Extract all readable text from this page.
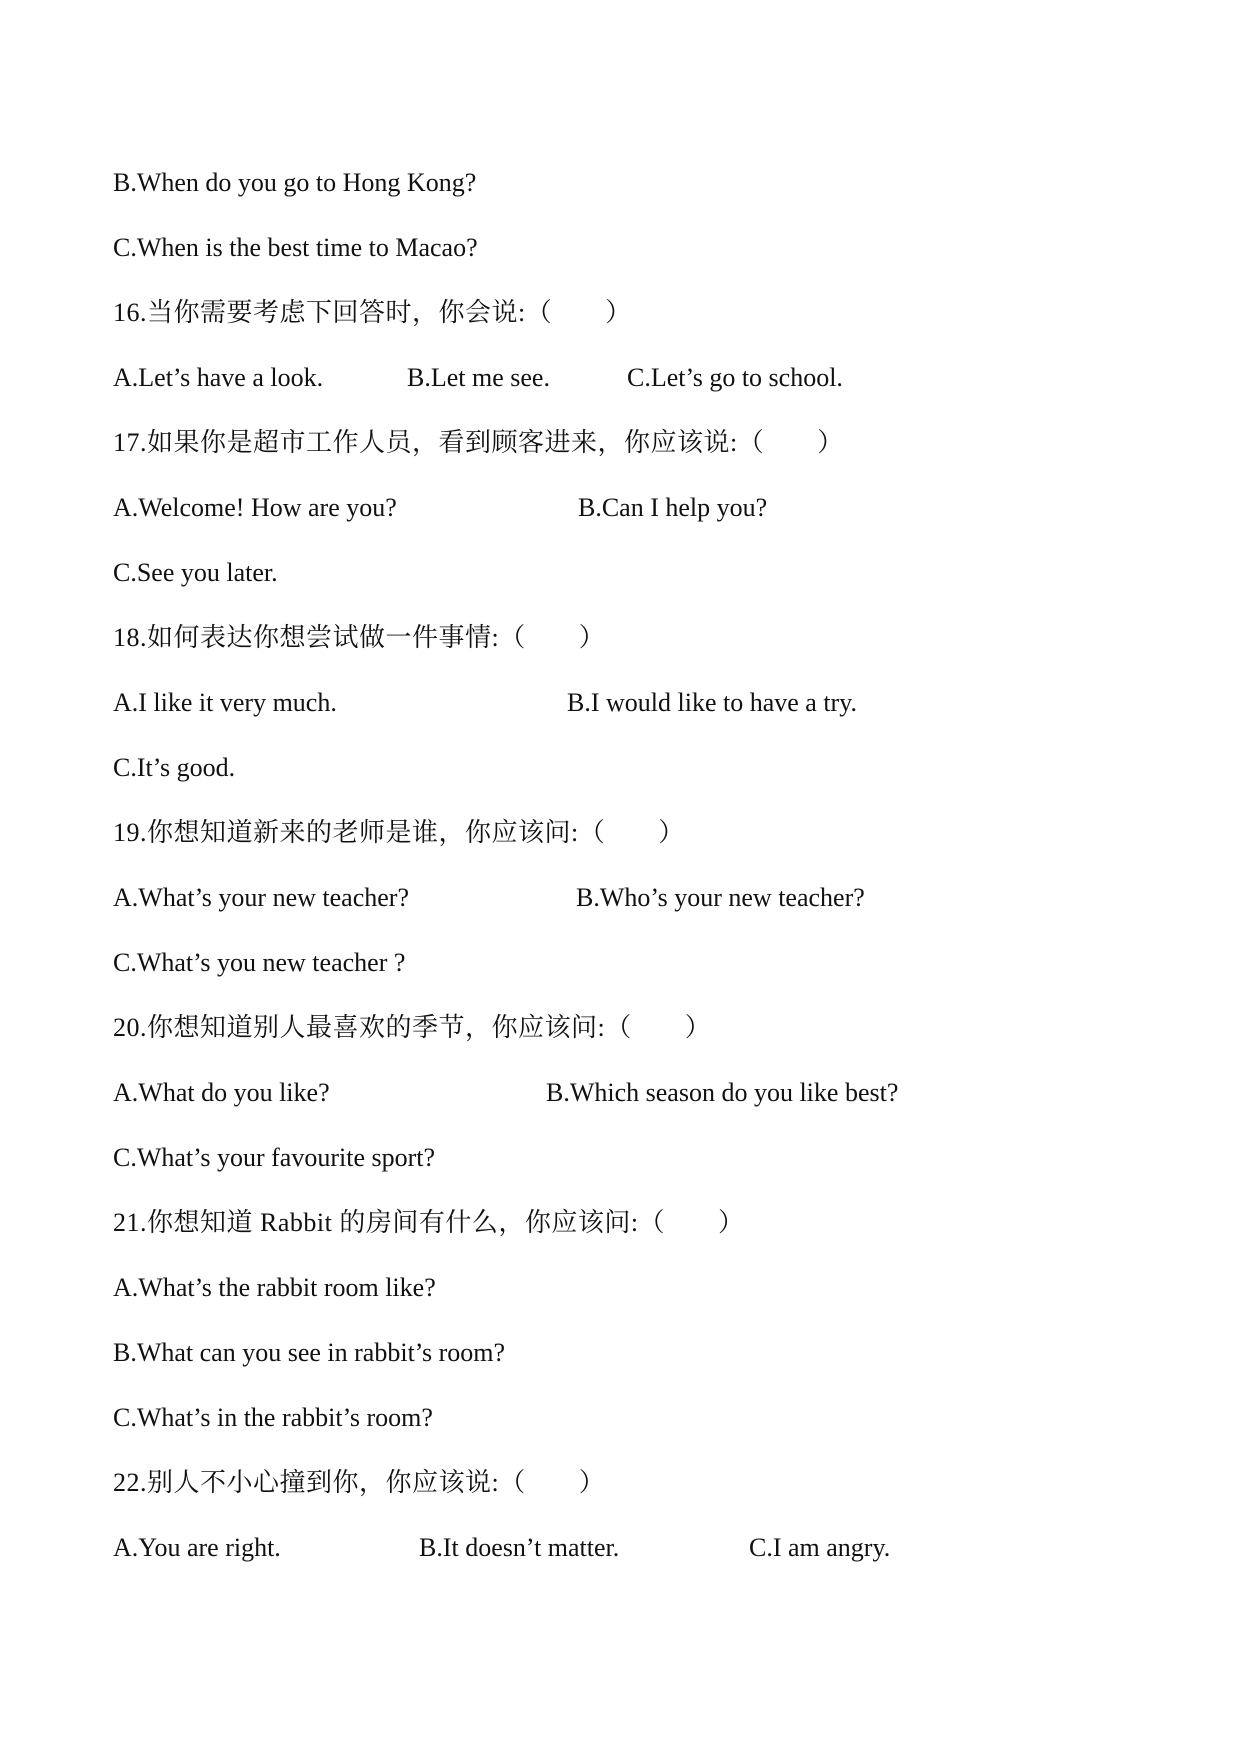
B.When do you go to Hong Kong?
C.When is the best time to Macao?
16.当你需要考虑下回答时，你会说:（　　）
A.Let’s have a look.	B.Let me see.	C.Let’s go to school.
17.如果你是超市工作人员，看到顾客进来，你应该说:（　　）
A.Welcome! How are you?	B.Can I help you?
C.See you later.
18.如何表达你想尝试做一件事情:（　　）
A.I like it very much.	B.I would like to have a try.
C.It’s good.
19.你想知道新来的老师是谁，你应该问:（　　）
A.What’s your new teacher?	B.Who’s your new teacher?
C.What’s you new teacher ?
20.你想知道别人最喜欢的季节，你应该问:（　　）
A.What do you like?	B.Which season do you like best?
C.What’s your favourite sport?
21.你想知道 Rabbit 的房间有什么，你应该问:（　　）
A.What’s the rabbit room like?
B.What can you see in rabbit’s room?
C.What’s in the rabbit’s room?
22.别人不小心撞到你，你应该说:（　　）
A.You are right.	B.It doesn’t matter.	C.I am angry.
